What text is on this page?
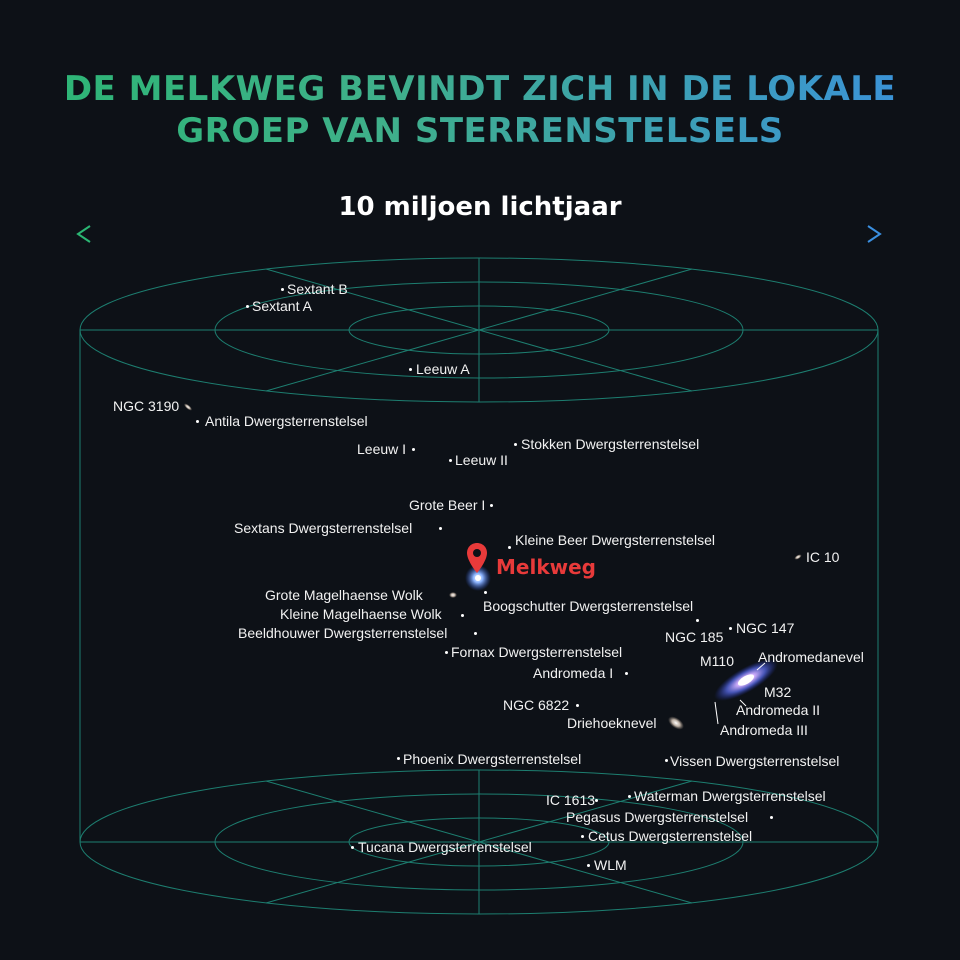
DE MELKWEG BEVINDT ZICH IN DE LOKALE
GROEP VAN STERRENSTELSELS
10 miljoen lichtjaar
Melkweg
Sextant B
Sextant A
Leeuw A
NGC 3190
Antila Dwergsterrenstelsel
Leeuw I
Leeuw II
Stokken Dwergsterrenstelsel
Grote Beer I
Sextans Dwergsterrenstelsel
Kleine Beer Dwergsterrenstelsel
IC 10
Grote Magelhaense Wolk
Kleine Magelhaense Wolk	Boogschutter Dwergsterrenstelsel
Beeldhouwer Dwergsterrenstelsel	NGC 185
NGC 147
Fornax Dwergsterrenstelsel
M110 Andromedanevel
Andromeda I
M32
NGC 6822	Andromeda II
Driehoeknevel	Andromeda III
Phoenix Dwergsterrenstelsel	Vissen Dwergsterrenstelsel
IC 1613	Waterman Dwergsterrenstelsel
Pegasus Dwergsterrenstelsel
Cetus Dwergsterrenstelsel
Tucana Dwergsterrenstelsel
WLM
